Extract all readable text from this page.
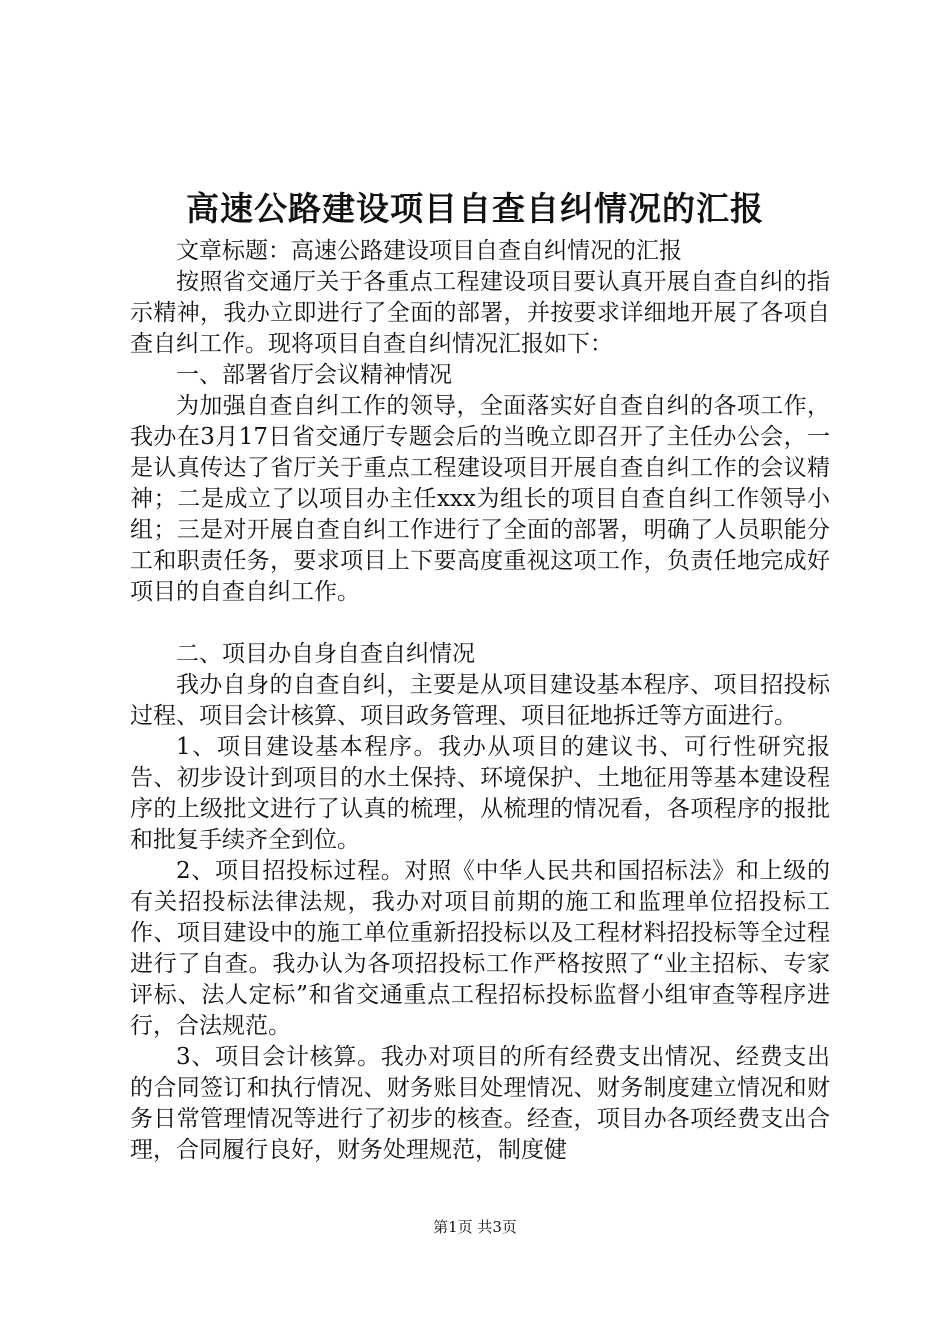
高速公路建设项目自查自纠情况的汇报

文章标题：高速公路建设项目自查自纠情况的汇报

按照省交通厅关于各重点工程建设项目要认真开展自查自纠的指示精神，我办立即进行了全面的部署，并按要求详细地开展了各项自查自纠工作。现将项目自查自纠情况汇报如下：

一、部署省厅会议精神情况

为加强自查自纠工作的领导，全面落实好自查自纠的各项工作，我办在3月17日省交通厅专题会后的当晚立即召开了主任办公会，一是认真传达了省厅关于重点工程建设项目开展自查自纠工作的会议精神；二是成立了以项目办主任xxx为组长的项目自查自纠工作领导小组；三是对开展自查自纠工作进行了全面的部署，明确了人员职能分工和职责任务，要求项目上下要高度重视这项工作，负责任地完成好项目的自查自纠工作。

二、项目办自身自查自纠情况

我办自身的自查自纠，主要是从项目建设基本程序、项目招投标过程、项目会计核算、项目政务管理、项目征地拆迁等方面进行。

1、项目建设基本程序。我办从项目的建议书、可行性研究报告、初步设计到项目的水土保持、环境保护、土地征用等基本建设程序的上级批文进行了认真的梳理，从梳理的情况看，各项程序的报批和批复手续齐全到位。

2、项目招投标过程。对照《中华人民共和国招标法》和上级的有关招投标法律法规，我办对项目前期的施工和监理单位招投标工作、项目建设中的施工单位重新招投标以及工程材料招投标等全过程进行了自查。我办认为各项招投标工作严格按照了“业主招标、专家评标、法人定标”和省交通重点工程招标投标监督小组审查等程序进行，合法规范。

3、项目会计核算。我办对项目的所有经费支出情况、经费支出的合同签订和执行情况、财务账目处理情况、财务制度建立情况和财务日常管理情况等进行了初步的核查。经查，项目办各项经费支出合理，合同履行良好，财务处理规范，制度健

第1页 共3页
